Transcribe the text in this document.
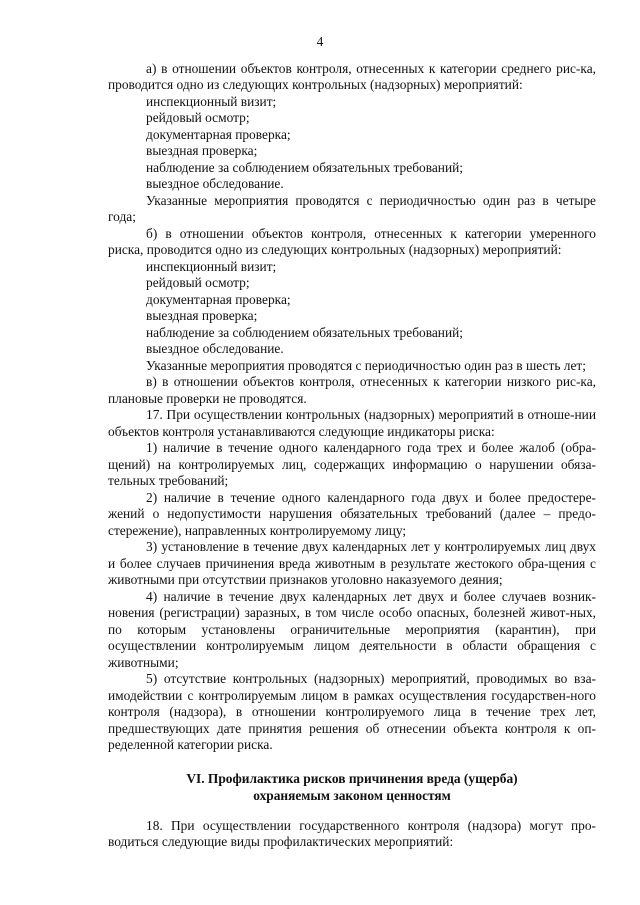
4

а) в отношении объектов контроля, отнесенных к категории среднего рис-ка, проводится одно из следующих контрольных (надзорных) мероприятий:

инспекционный визит;

рейдовый осмотр;

документарная проверка;

выездная проверка;

наблюдение за соблюдением обязательных требований;

выездное обследование.

Указанные мероприятия проводятся с периодичностью один раз в четыре года;

б) в отношении объектов контроля, отнесенных к категории умеренного риска, проводится одно из следующих контрольных (надзорных) мероприятий:

инспекционный визит;

рейдовый осмотр;

документарная проверка;

выездная проверка;

наблюдение за соблюдением обязательных требований;

выездное обследование.

Указанные мероприятия проводятся с периодичностью один раз в шесть лет;

в) в отношении объектов контроля, отнесенных к категории низкого рис-ка, плановые проверки не проводятся.

17. При осуществлении контрольных (надзорных) мероприятий в отноше-нии объектов контроля устанавливаются следующие индикаторы риска:

1) наличие в течение одного календарного года трех и более жалоб (обра-щений) на контролируемых лиц, содержащих информацию о нарушении обяза-тельных требований;

2) наличие в течение одного календарного года двух и более предостере-жений о недопустимости нарушения обязательных требований (далее – предо-стережение), направленных контролируемому лицу;

3) установление в течение двух календарных лет у контролируемых лиц двух и более случаев причинения вреда животным в результате жестокого обра-щения с животными при отсутствии признаков уголовно наказуемого деяния;

4) наличие в течение двух календарных лет двух и более случаев возник-новения (регистрации) заразных, в том числе особо опасных, болезней живот-ных, по которым установлены ограничительные мероприятия (карантин), при осуществлении контролируемым лицом деятельности в области обращения с животными;

5) отсутствие контрольных (надзорных) мероприятий, проводимых во вза-имодействии с контролируемым лицом в рамках осуществления государствен-ного контроля (надзора), в отношении контролируемого лица в течение трех лет, предшествующих дате принятия решения об отнесении объекта контроля к оп-ределенной категории риска.

VI. Профилактика рисков причинения вреда (ущерба)
охраняемым законом ценностям

18. При осуществлении государственного контроля (надзора) могут про-водиться следующие виды профилактических мероприятий:
